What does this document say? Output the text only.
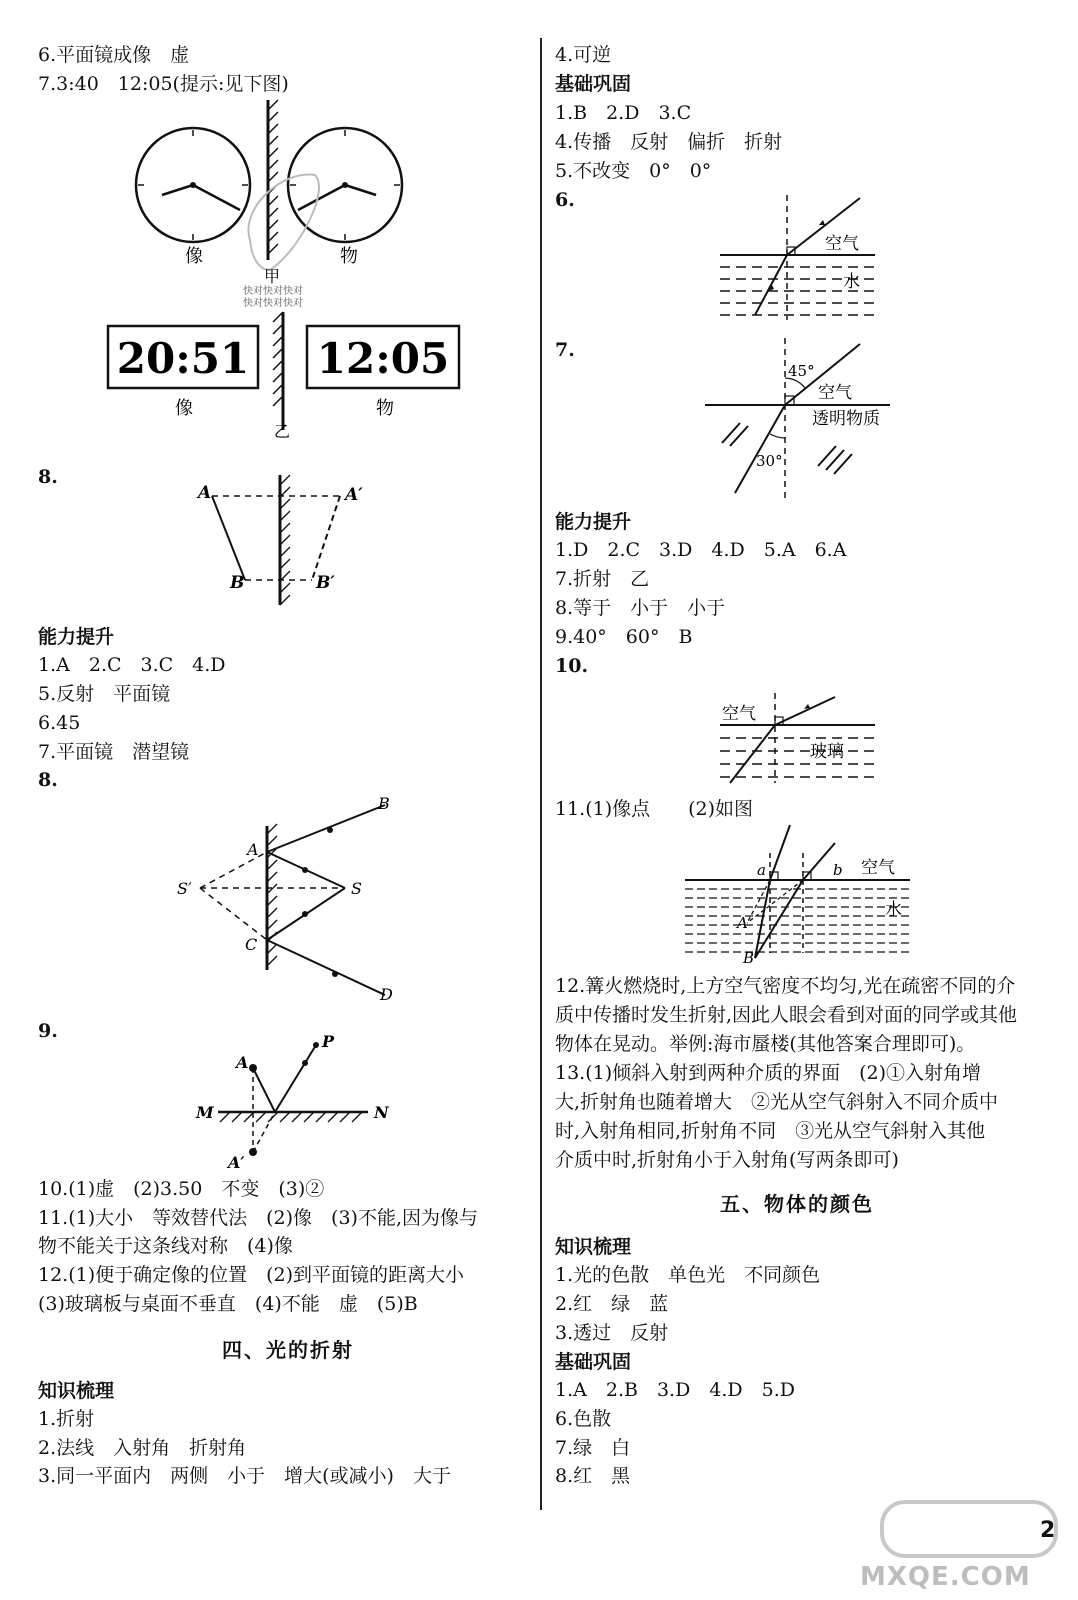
6.平面镜成像　虚
7.3:40　12:05(提示:见下图)
像	物
甲
快对快对快对
快对快对快对
20:51 12:05
像	物
乙
8.
A	A′
B	B′
能力提升
1.A　2.C　3.C　4.D
5.反射　平面镜
6.45
7.平面镜　潜望镜
8.
B
A
S′	S
C
D
9.
A
P
M	N
A′
10.(1)虚　(2)3.50　不变　(3)②
11.(1)大小　等效替代法　(2)像　(3)不能,因为像与
物不能关于这条线对称　(4)像
12.(1)便于确定像的位置　(2)到平面镜的距离大小
(3)玻璃板与桌面不垂直　(4)不能　虚　(5)B
四、光的折射
知识梳理
1.折射
2.法线　入射角　折射角
3.同一平面内　两侧　小于　增大(或减小)　大于
4.可逆
基础巩固
1.B　2.D　3.C
4.传播　反射　偏折　折射
5.不改变　0°　0°
6.
空气
水
7.
45°
空气
透明物质
30°
能力提升
1.D　2.C　3.D　4.D　5.A　6.A
7.折射　乙
8.等于　小于　小于
9.40°　60°　B
10.
空气
玻璃
11.(1)像点　　(2)如图
a	b 空气
水
A
B
12.篝火燃烧时,上方空气密度不均匀,光在疏密不同的介
质中传播时发生折射,因此人眼会看到对面的同学或其他
物体在晃动。举例:海市蜃楼(其他答案合理即可)。
13.(1)倾斜入射到两种介质的界面　(2)①入射角增
大,折射角也随着增大　②光从空气斜射入不同介质中
时,入射角相同,折射角不同　③光从空气斜射入其他
介质中时,折射角小于入射角(写两条即可)
五、物体的颜色
知识梳理
1.光的色散　单色光　不同颜色
2.红　绿　蓝
3.透过　反射
基础巩固
1.A　2.B　3.D　4.D　5.D
6.色散
7.绿　白
8.红　黑
2
MXQE.COM
